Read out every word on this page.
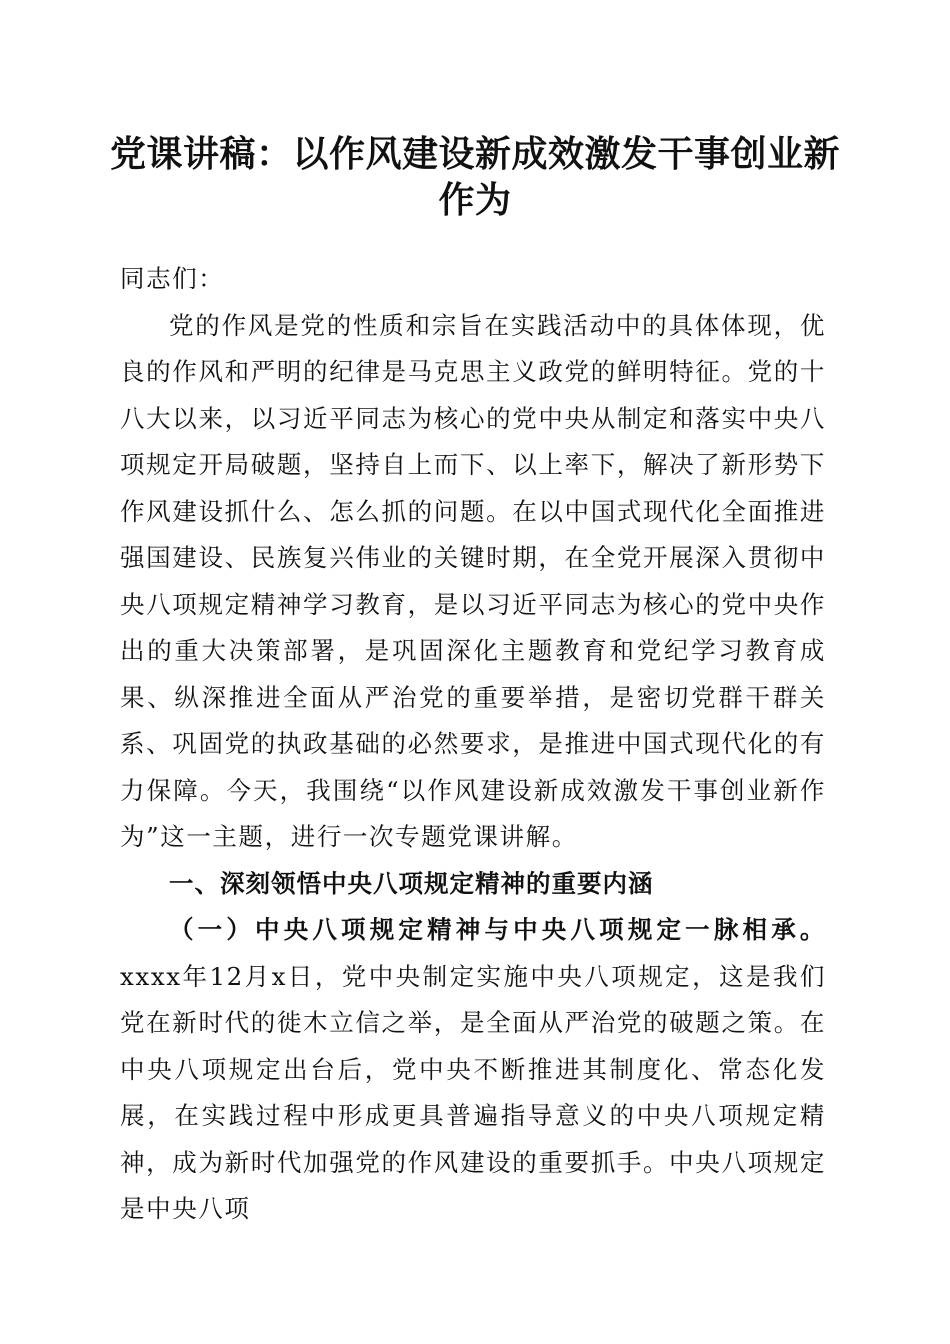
党课讲稿：以作风建设新成效激发干事创业新作为

同志们：

党的作风是党的性质和宗旨在实践活动中的具体体现，优良的作风和严明的纪律是马克思主义政党的鲜明特征。党的十八大以来，以习近平同志为核心的党中央从制定和落实中央八项规定开局破题，坚持自上而下、以上率下，解决了新形势下作风建设抓什么、怎么抓的问题。在以中国式现代化全面推进强国建设、民族复兴伟业的关键时期，在全党开展深入贯彻中央八项规定精神学习教育，是以习近平同志为核心的党中央作出的重大决策部署，是巩固深化主题教育和党纪学习教育成果、纵深推进全面从严治党的重要举措，是密切党群干群关系、巩固党的执政基础的必然要求，是推进中国式现代化的有力保障。今天，我围绕“以作风建设新成效激发干事创业新作为”这一主题，进行一次专题党课讲解。

一、深刻领悟中央八项规定精神的重要内涵

（一）中央八项规定精神与中央八项规定一脉相承。xxxx年12月x日，党中央制定实施中央八项规定，这是我们党在新时代的徙木立信之举，是全面从严治党的破题之策。在中央八项规定出台后，党中央不断推进其制度化、常态化发展，在实践过程中形成更具普遍指导意义的中央八项规定精神，成为新时代加强党的作风建设的重要抓手。中央八项规定是中央八项
